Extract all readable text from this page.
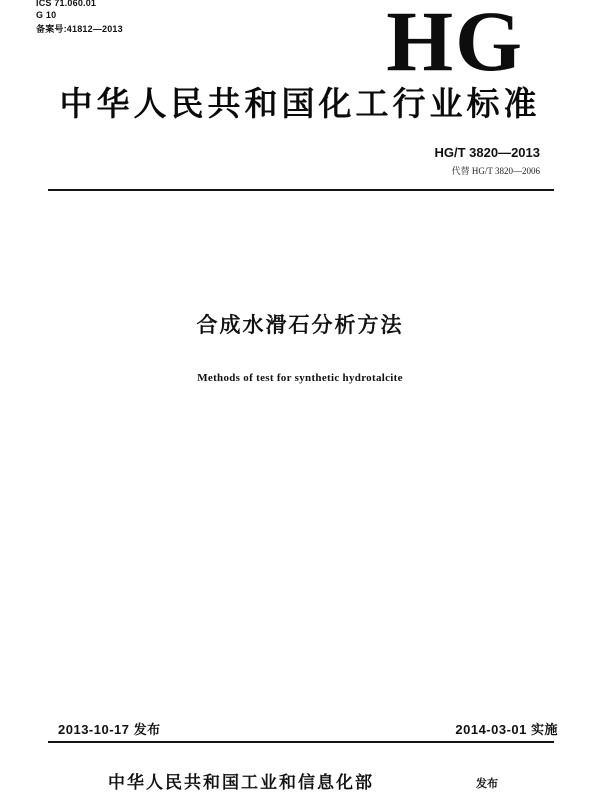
ICS 71.060.01
G 10
备案号:41812—2013	HG
中华人民共和国化工行业标准
HG/T 3820—2013
代替 HG/T 3820—2006
合成水滑石分析方法
Methods of test for synthetic hydrotalcite
2013-10-17 发布	2014-03-01 实施
中华人民共和国工业和信息化部	发布
